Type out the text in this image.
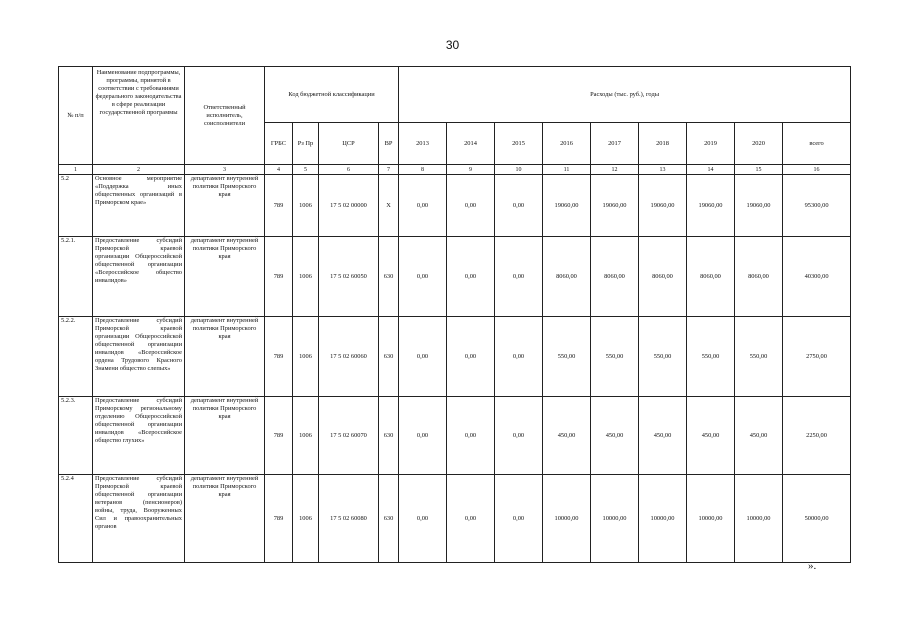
30
№ п/п	Наименование подпрограммы, программы, принятой в соответствии с требованиями федерального законодательства в сфере реализации государственной программы	Ответственный исполнитель, соисполнители	Код бюджетной классификации				Расходы (тыс. руб.), годы								
			ГРБС	Рз Пр	ЦСР	ВР	2013	2014	2015	2016	2017	2018	2019	2020	всего
1	2	3	4	5	6	7	8	9	10	11	12	13	14	15	16
5.2	Основное мероприятие «Поддержка иных общественных организаций в Приморском крае»	департамент внутренней политики Приморского края	789	1006	17 5 02 00000	X	0,00	0,00	0,00	19060,00	19060,00	19060,00	19060,00	19060,00	95300,00
5.2.1.	Предоставление субсидий Приморской краевой организации Общероссийской общественной организации «Всероссийское общество инвалидов»	департамент внутренней политики Приморского края	789	1006	17 5 02 60050	630	0,00	0,00	0,00	8060,00	8060,00	8060,00	8060,00	8060,00	40300,00
5.2.2.	Предоставление субсидий Приморской краевой организации Общероссийской общественной организации инвалидов «Всероссийское ордена Трудового Красного Знамени общество слепых»	департамент внутренней политики Приморского края	789	1006	17 5 02 60060	630	0,00	0,00	0,00	550,00	550,00	550,00	550,00	550,00	2750,00
5.2.3.	Предоставление субсидий Приморскому региональному отделению Общероссийской общественной организации инвалидов «Всероссийское общество глухих»	департамент внутренней политики Приморского края	789	1006	17 5 02 60070	630	0,00	0,00	0,00	450,00	450,00	450,00	450,00	450,00	2250,00
5.2.4	Предоставление субсидий Приморской краевой общественной организации ветеранов (пенсионеров) войны, труда, Вооруженных Сил и правоохранительных органов	департамент внутренней политики Приморского края	789	1006	17 5 02 60080	630	0,00	0,00	0,00	10000,00	10000,00	10000,00	10000,00	10000,00	50000,00
».
